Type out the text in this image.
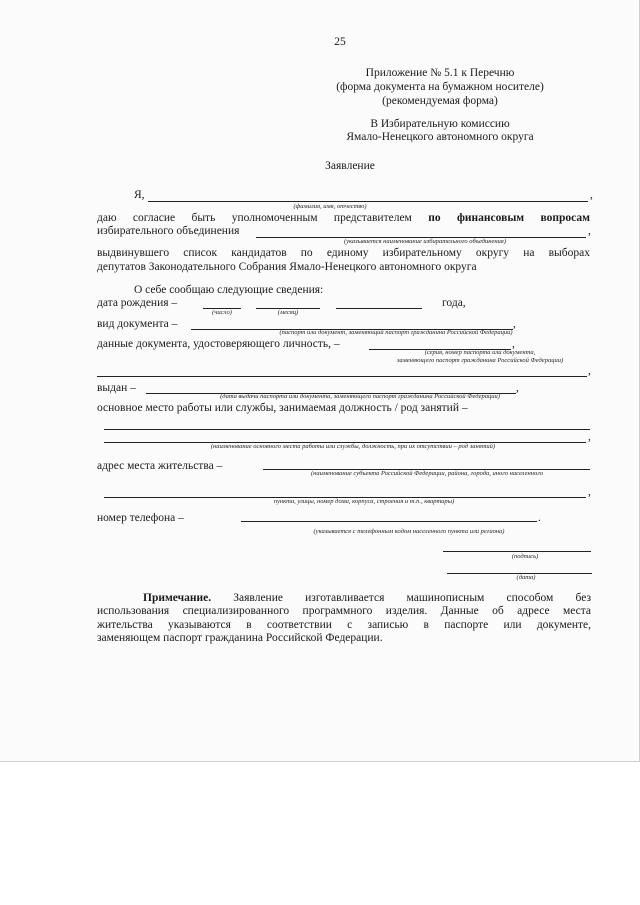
25
Приложение № 5.1 к Перечню
(форма документа на бумажном носителе)
(рекомендуемая форма)
В Избирательную комиссию
Ямало-Ненецкого автономного округа
Заявление
Я,	,
(фамилия, имя, отчество)
даю согласие быть уполномоченным представителем по финансовым вопросам
избирательного объединения	,
(указывается наименование избирательного объединения)
выдвинувшего список кандидатов по единому избирательному округу на выборах
депутатов Законодательного Собрания Ямало-Ненецкого автономного округа
О себе сообщаю следующие сведения:
дата рождения –	года,
(число)	(месяц)
вид документа –	,
(паспорт или документ, заменяющий паспорт гражданина Российской Федерации)
данные документа, удостоверяющего личность, –	,
(серия, номер паспорта или документа,
заменяющего паспорт гражданина Российской Федерации)
,
выдан –	,
(дата выдачи паспорта или документа, заменяющего паспорт гражданина Российской Федерации)
основное место работы или службы, занимаемая должность / род занятий –
,
(наименование основного места работы или службы, должность, при их отсутствии – род занятий)
адрес места жительства –
(наименование субъекта Российской Федерации, района, города, иного населенного
,
пункта, улицы, номер дома, корпуса, строения и т.п., квартиры)
номер телефона –	.
(указывается с телефонным кодом населенного пункта или региона)
(подпись)
(дата)
Примечание. Заявление изготавливается машинописным способом без
использования специализированного программного изделия. Данные об адресе места
жительства указываются в соответствии с записью в паспорте или документе,
заменяющем паспорт гражданина Российской Федерации.
